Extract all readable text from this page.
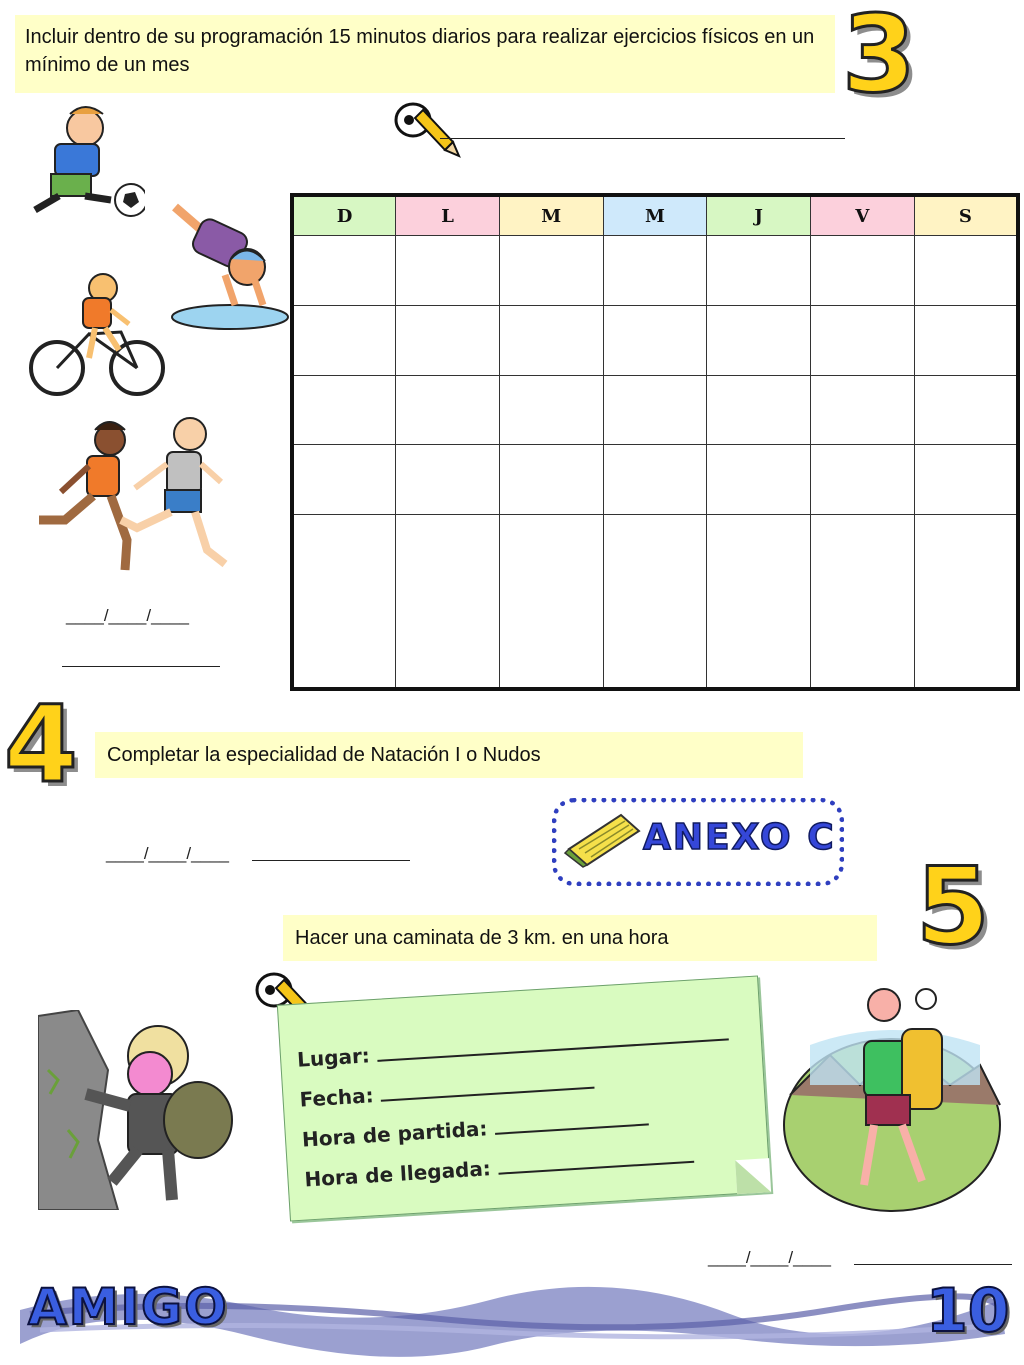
Incluir dentro de su programación 15 minutos diarios para realizar ejercicios físicos en un mínimo de un mes	3
____/____/____
D	L	M	M	J	V	S

4	Completar la especialidad de Natación I o Nudos
____/____/____	ANEXO C
5
Hacer una caminata de 3 km. en una hora
Lugar:
Fecha:
Hora de partida:
Hora de llegada:
____/____/____
AMIGO	10
